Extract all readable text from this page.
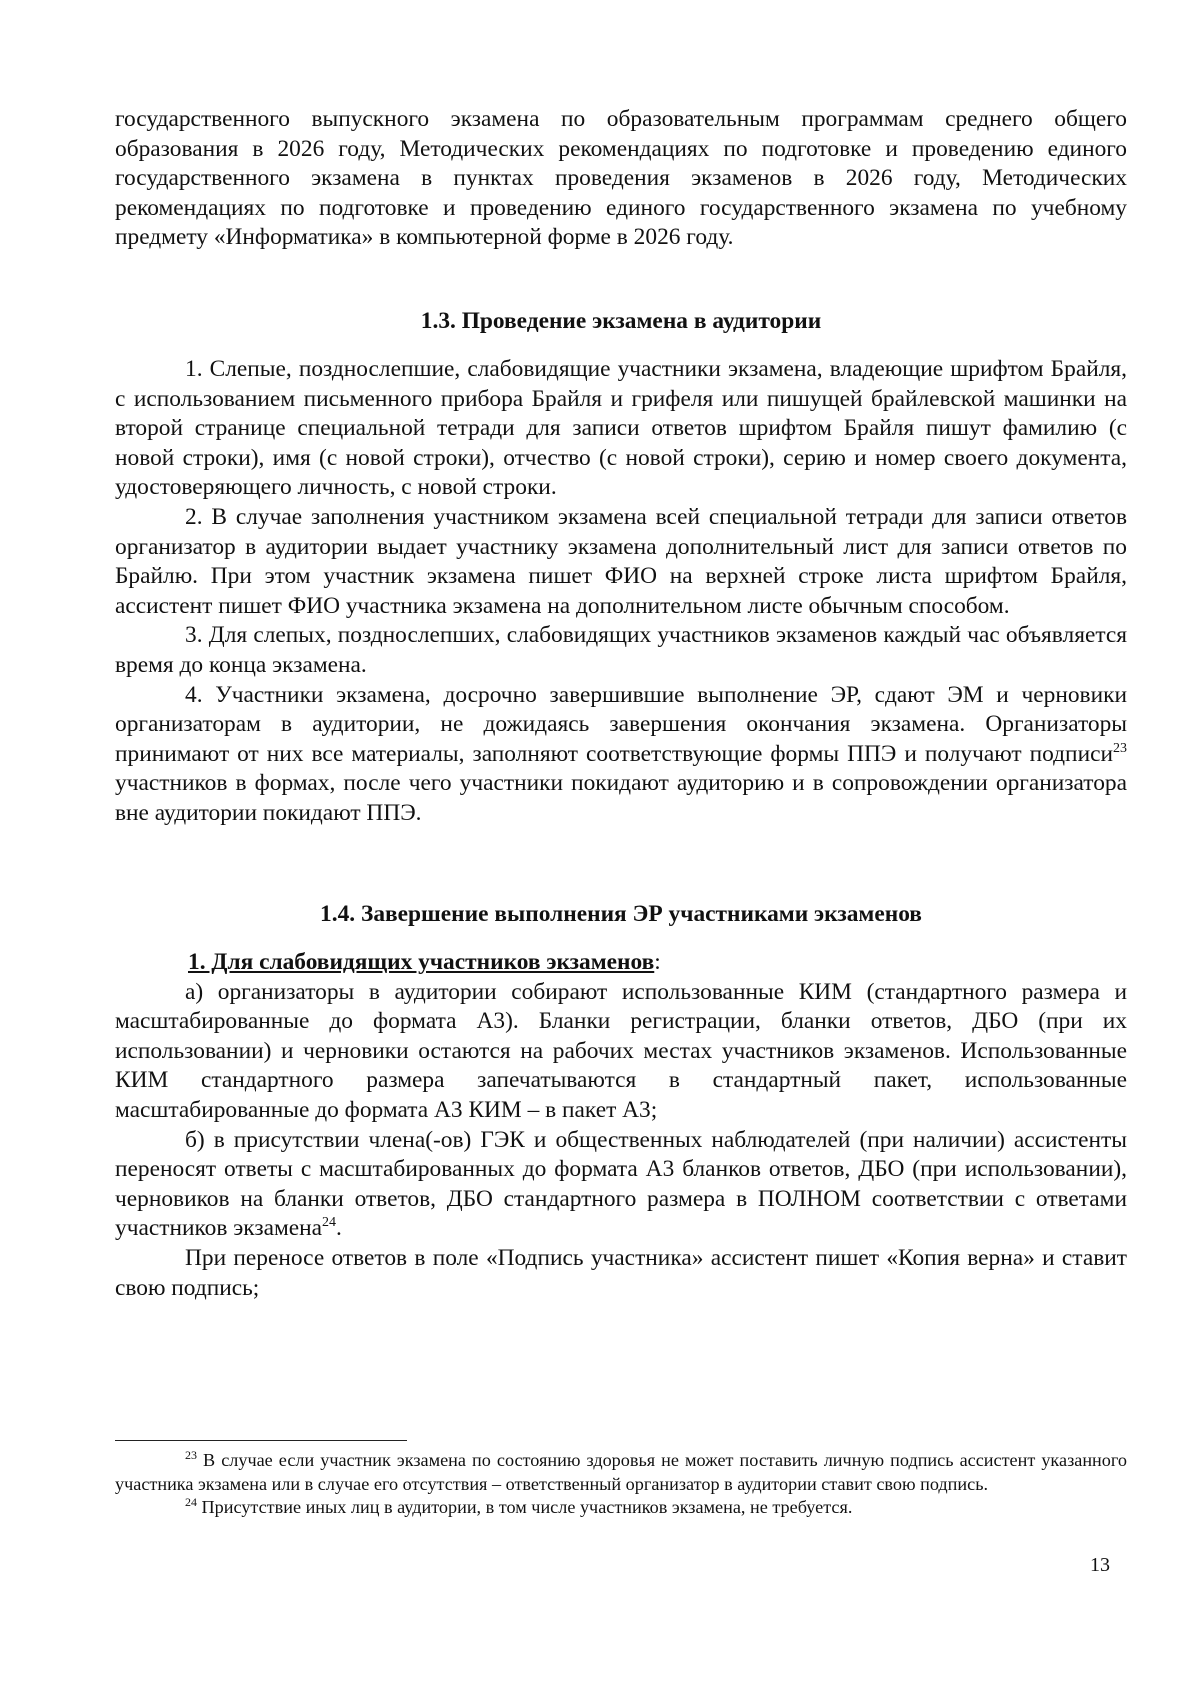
государственного выпускного экзамена по образовательным программам среднего общего образования в 2026 году, Методических рекомендациях по подготовке и проведению единого государственного экзамена в пунктах проведения экзаменов в 2026 году, Методических рекомендациях по подготовке и проведению единого государственного экзамена по учебному предмету «Информатика» в компьютерной форме в 2026 году.

1.3. Проведение экзамена в аудитории

1. Слепые, позднослепшие, слабовидящие участники экзамена, владеющие шрифтом Брайля, с использованием письменного прибора Брайля и грифеля или пишущей брайлевской машинки на второй странице специальной тетради для записи ответов шрифтом Брайля пишут фамилию (с новой строки), имя (с новой строки), отчество (с новой строки), серию и номер своего документа, удостоверяющего личность, с новой строки.

2. В случае заполнения участником экзамена всей специальной тетради для записи ответов организатор в аудитории выдает участнику экзамена дополнительный лист для записи ответов по Брайлю. При этом участник экзамена пишет ФИО на верхней строке листа шрифтом Брайля, ассистент пишет ФИО участника экзамена на дополнительном листе обычным способом.

3. Для слепых, позднослепших, слабовидящих участников экзаменов каждый час объявляется время до конца экзамена.

4. Участники экзамена, досрочно завершившие выполнение ЭР, сдают ЭМ и черновики организаторам в аудитории, не дожидаясь завершения окончания экзамена. Организаторы принимают от них все материалы, заполняют соответствующие формы ППЭ и получают подписи$^{23}$ участников в формах, после чего участники покидают аудиторию и в сопровождении организатора вне аудитории покидают ППЭ.

1.4. Завершение выполнения ЭР участниками экзаменов

1. Для слабовидящих участников экзаменов:

а) организаторы в аудитории собирают использованные КИМ (стандартного размера и масштабированные до формата А3). Бланки регистрации, бланки ответов, ДБО (при их использовании) и черновики остаются на рабочих местах участников экзаменов. Использованные КИМ стандартного размера запечатываются в стандартный пакет, использованные масштабированные до формата А3 КИМ – в пакет А3;

б) в присутствии члена(-ов) ГЭК и общественных наблюдателей (при наличии) ассистенты переносят ответы с масштабированных до формата А3 бланков ответов, ДБО (при использовании), черновиков на бланки ответов, ДБО стандартного размера в ПОЛНОМ соответствии с ответами участников экзамена$^{24}$.

При переносе ответов в поле «Подпись участника» ассистент пишет «Копия верна» и ставит свою подпись;

$^{23}$ В случае если участник экзамена по состоянию здоровья не может поставить личную подпись ассистент указанного участника экзамена или в случае его отсутствия – ответственный организатор в аудитории ставит свою подпись.

$^{24}$ Присутствие иных лиц в аудитории, в том числе участников экзамена, не требуется.

13
